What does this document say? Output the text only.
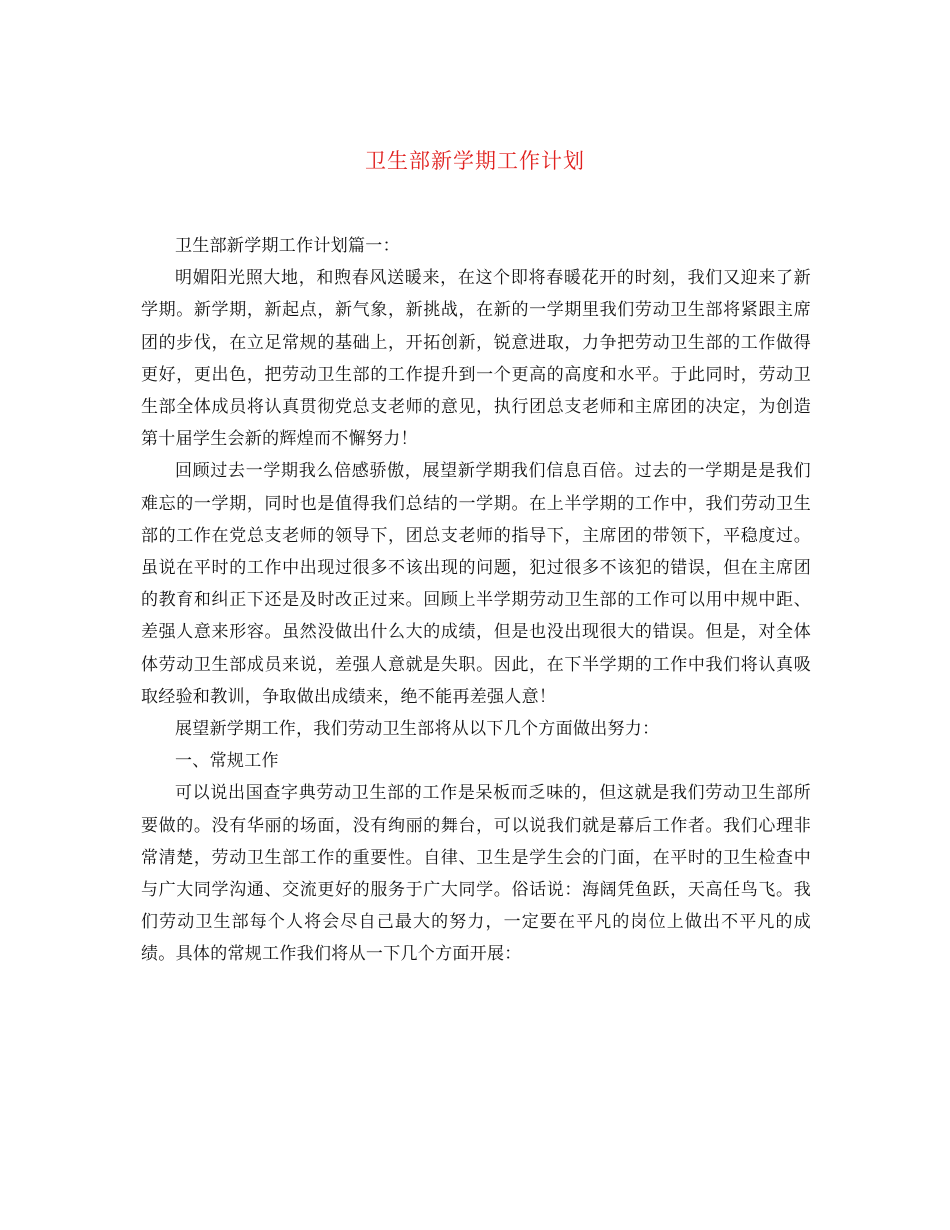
卫生部新学期工作计划

卫生部新学期工作计划篇一：

明媚阳光照大地，和煦春风送暖来，在这个即将春暖花开的时刻，我们又迎来了新学期。新学期，新起点，新气象，新挑战，在新的一学期里我们劳动卫生部将紧跟主席团的步伐，在立足常规的基础上，开拓创新，锐意进取，力争把劳动卫生部的工作做得更好，更出色，把劳动卫生部的工作提升到一个更高的高度和水平。于此同时，劳动卫生部全体成员将认真贯彻党总支老师的意见，执行团总支老师和主席团的决定，为创造第十届学生会新的辉煌而不懈努力！

回顾过去一学期我么倍感骄傲，展望新学期我们信息百倍。过去的一学期是是我们难忘的一学期，同时也是值得我们总结的一学期。在上半学期的工作中，我们劳动卫生部的工作在党总支老师的领导下，团总支老师的指导下，主席团的带领下，平稳度过。虽说在平时的工作中出现过很多不该出现的问题，犯过很多不该犯的错误，但在主席团的教育和纠正下还是及时改正过来。回顾上半学期劳动卫生部的工作可以用中规中距、差强人意来形容。虽然没做出什么大的成绩，但是也没出现很大的错误。但是，对全体体劳动卫生部成员来说，差强人意就是失职。因此，在下半学期的工作中我们将认真吸取经验和教训，争取做出成绩来，绝不能再差强人意！

展望新学期工作，我们劳动卫生部将从以下几个方面做出努力：

一、常规工作

可以说出国查字典劳动卫生部的工作是呆板而乏味的，但这就是我们劳动卫生部所要做的。没有华丽的场面，没有绚丽的舞台，可以说我们就是幕后工作者。我们心理非常清楚，劳动卫生部工作的重要性。自律、卫生是学生会的门面，在平时的卫生检查中与广大同学沟通、交流更好的服务于广大同学。俗话说：海阔凭鱼跃，天高任鸟飞。我们劳动卫生部每个人将会尽自己最大的努力，一定要在平凡的岗位上做出不平凡的成绩。具体的常规工作我们将从一下几个方面开展：
